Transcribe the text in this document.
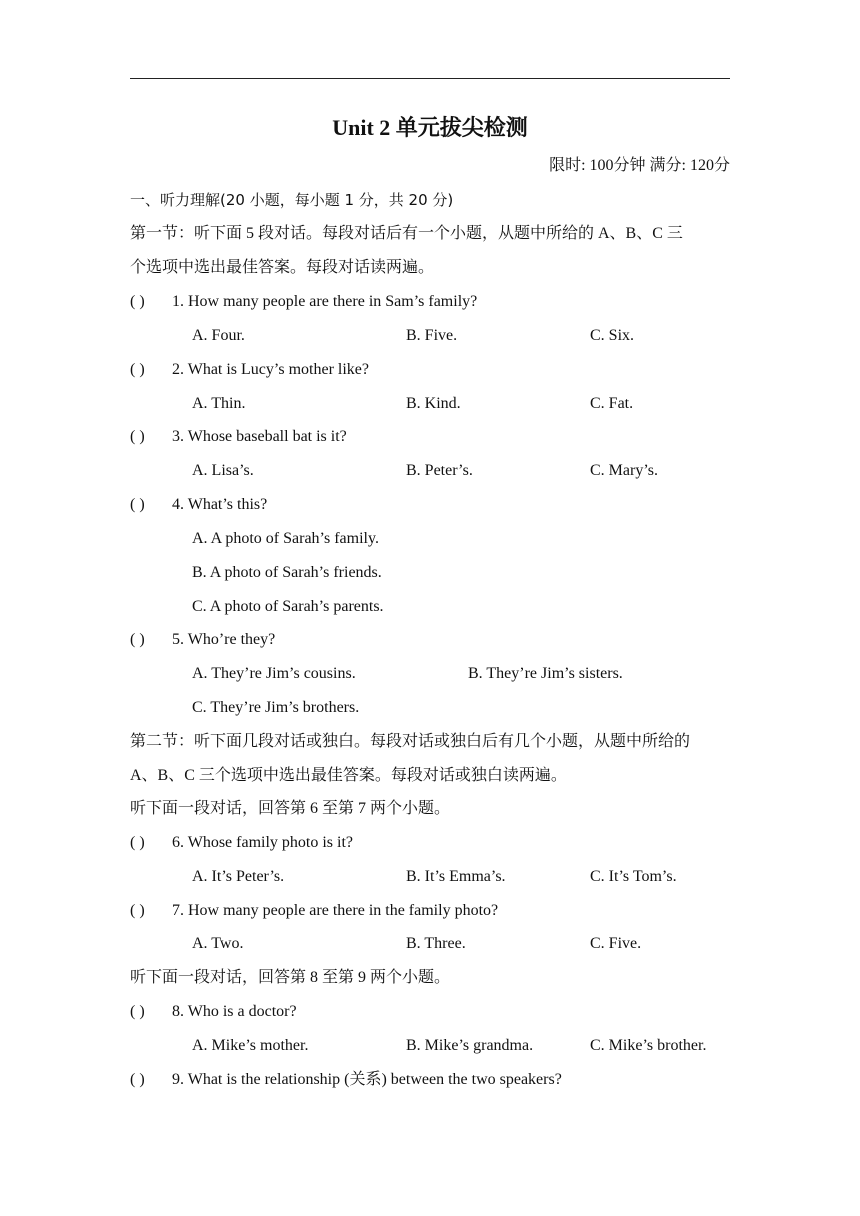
Unit 2 单元拔尖检测
限时: 100分钟 满分: 120分
一、听力理解(20 小题，每小题 1 分，共 20 分)
第一节：听下面 5 段对话。每段对话后有一个小题，从题中所给的 A、B、C 三
个选项中选出最佳答案。每段对话读两遍。
( ) 1. How many people are there in Sam’s family?
A. Four.	B. Five.	C. Six.
( ) 2. What is Lucy’s mother like?
A. Thin.	B. Kind.	C. Fat.
( ) 3. Whose baseball bat is it?
A. Lisa’s.	B. Peter’s.	C. Mary’s.
( ) 4. What’s this?
A. A photo of Sarah’s family.
B. A photo of Sarah’s friends.
C. A photo of Sarah’s parents.
( ) 5. Who’re they?
A. They’re Jim’s cousins.	B. They’re Jim’s sisters.
C. They’re Jim’s brothers.
第二节：听下面几段对话或独白。每段对话或独白后有几个小题，从题中所给的
A、B、C 三个选项中选出最佳答案。每段对话或独白读两遍。
听下面一段对话，回答第 6 至第 7 两个小题。
( ) 6. Whose family photo is it?
A. It’s Peter’s.	B. It’s Emma’s.	C. It’s Tom’s.
( ) 7. How many people are there in the family photo?
A. Two.	B. Three.	C. Five.
听下面一段对话，回答第 8 至第 9 两个小题。
( ) 8. Who is a doctor?
A. Mike’s mother.	B. Mike’s grandma.	C. Mike’s brother.
( ) 9. What is the relationship (关系) between the two speakers?
